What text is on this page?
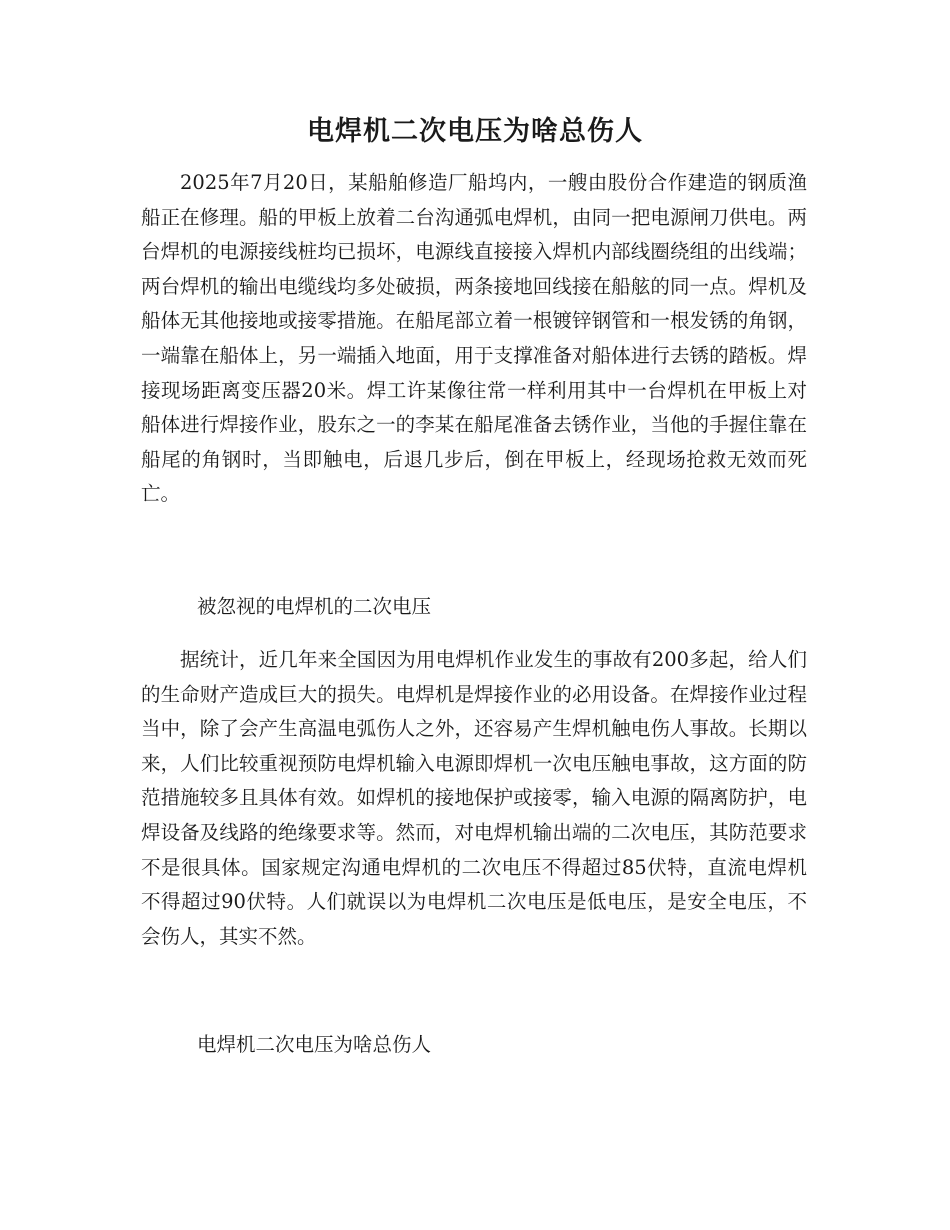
电焊机二次电压为啥总伤人

2025年7月20日，某船舶修造厂船坞内，一艘由股份合作建造的钢质渔船正在修理。船的甲板上放着二台沟通弧电焊机，由同一把电源闸刀供电。两台焊机的电源接线桩均已损坏，电源线直接接入焊机内部线圈绕组的出线端；两台焊机的输出电缆线均多处破损，两条接地回线接在船舷的同一点。焊机及船体无其他接地或接零措施。在船尾部立着一根镀锌钢管和一根发锈的角钢，一端靠在船体上，另一端插入地面，用于支撑准备对船体进行去锈的踏板。焊接现场距离变压器20米。焊工许某像往常一样利用其中一台焊机在甲板上对船体进行焊接作业，股东之一的李某在船尾准备去锈作业，当他的手握住靠在船尾的角钢时，当即触电，后退几步后，倒在甲板上，经现场抢救无效而死亡。

被忽视的电焊机的二次电压

据统计，近几年来全国因为用电焊机作业发生的事故有200多起，给人们的生命财产造成巨大的损失。电焊机是焊接作业的必用设备。在焊接作业过程当中，除了会产生高温电弧伤人之外，还容易产生焊机触电伤人事故。长期以来，人们比较重视预防电焊机输入电源即焊机一次电压触电事故，这方面的防范措施较多且具体有效。如焊机的接地保护或接零，输入电源的隔离防护，电焊设备及线路的绝缘要求等。然而，对电焊机输出端的二次电压，其防范要求不是很具体。国家规定沟通电焊机的二次电压不得超过85伏特，直流电焊机不得超过90伏特。人们就误以为电焊机二次电压是低电压，是安全电压，不会伤人，其实不然。

电焊机二次电压为啥总伤人
